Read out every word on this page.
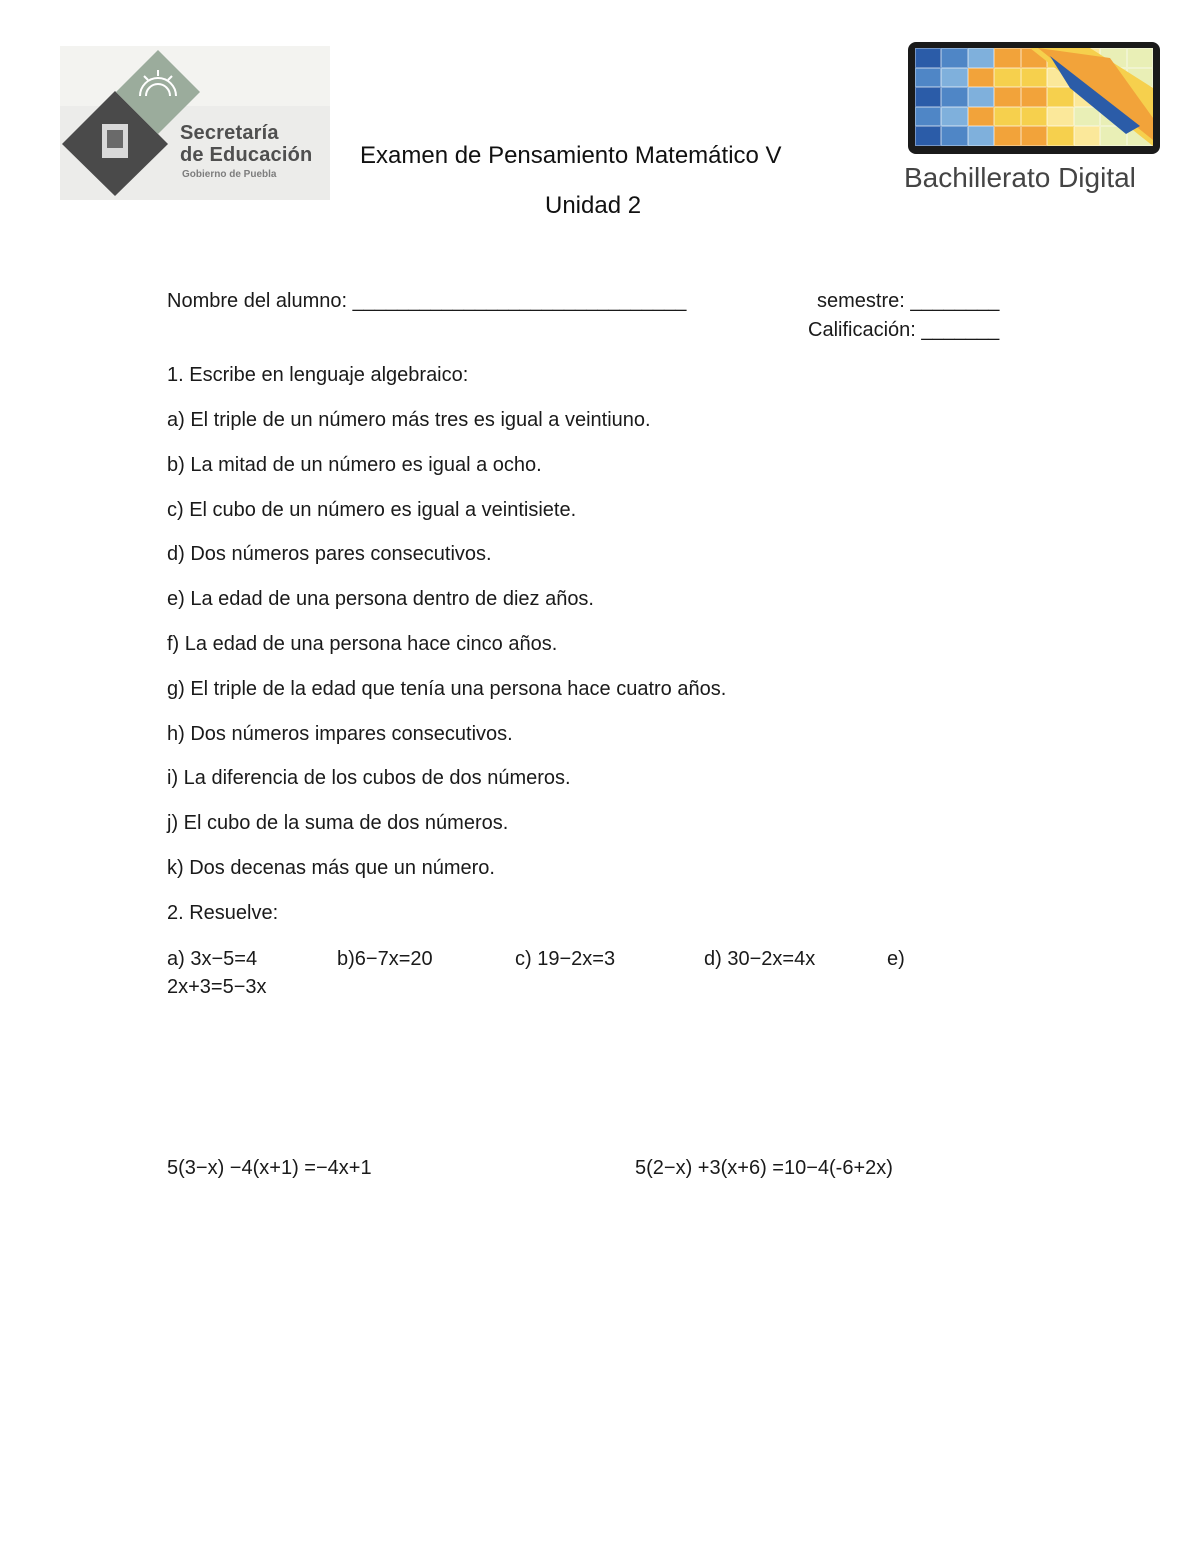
Secretaría
de Educación
Gobierno de Puebla	Bachillerato Digital
Examen de Pensamiento Matemático V
Unidad 2
Nombre del alumno: ______________________________	semestre: ________
Calificación: _______
1. Escribe en lenguaje algebraico:
a) El triple de un número más tres es igual a veintiuno.
b) La mitad de un número es igual a ocho.
c) El cubo de un número es igual a veintisiete.
d) Dos números pares consecutivos.
e) La edad de una persona dentro de diez años.
f) La edad de una persona hace cinco años.
g) El triple de la edad que tenía una persona hace cuatro años.
h) Dos números impares consecutivos.
i) La diferencia de los cubos de dos números.
j) El cubo de la suma de dos números.
k) Dos decenas más que un número.
2. Resuelve:
a) 3x−5=4	b)6−7x=20	c) 19−2x=3	d) 30−2x=4x	e)
2x+3=5−3x
5(3−x) −4(x+1) =−4x+1	5(2−x) +3(x+6) =10−4(-6+2x)
